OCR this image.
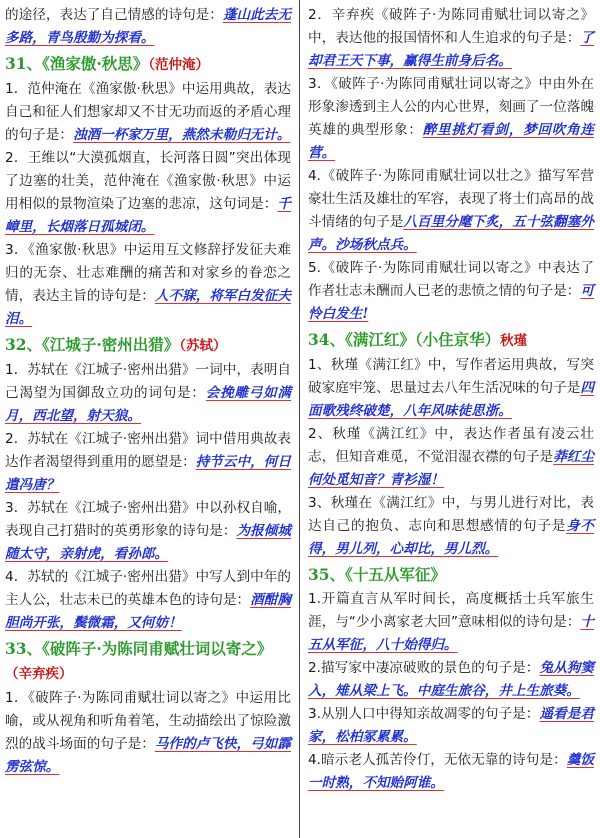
的途径，表达了自己情感的诗句是：蓬山此去无多路，青鸟殷勤为探看。

31、《渔家傲·秋思》（范仲淹）

1．范仲淹在《渔家傲·秋思》中运用典故，表达自己和征人们想家却又不甘无功而返的矛盾心理的句子是：浊酒一杯家万里，燕然未勒归无计。

2．王维以“大漠孤烟直，长河落日圆”突出体现了边塞的壮美，范仲淹在《渔家傲·秋思》中运用相似的景物渲染了边塞的悲凉，这句词是：千嶂里，长烟落日孤城闭。

3．《渔家傲·秋思》中运用互文修辞抒发征夫难归的无奈、壮志难酬的痛苦和对家乡的眷恋之情，表达主旨的诗句是：人不寐，将军白发征夫泪。

32、《江城子·密州出猎》（苏轼）

1．苏轼在《江城子·密州出猎》一词中，表明自己渴望为国御敌立功的词句是：会挽雕弓如满月，西北望，射天狼。

2．苏轼在《江城子·密州出猎》词中借用典故表达作者渴望得到重用的愿望是：持节云中，何日遣冯唐？

3．苏轼在《江城子·密州出猎》中以孙权自喻，表现自己打猎时的英勇形象的诗句是：为报倾城随太守，亲射虎，看孙郎。

4．苏轼的《江城子·密州出猎》中写人到中年的主人公，壮志未已的英雄本色的诗句是：酒酣胸胆尚开张，鬓微霜，又何妨！

33、《破阵子·为陈同甫赋壮词以寄之》
（辛弃疾）

1．《破阵子·为陈同甫赋壮词以寄之》中运用比喻，或从视角和听角着笔，生动描绘出了惊险激烈的战斗场面的句子是：马作的卢飞快，弓如霹雳弦惊。

2．辛弃疾《破阵子·为陈同甫赋壮词以寄之》中，表达他的报国情怀和人生追求的句子是：了却君王天下事，赢得生前身后名。

3．《破阵子·为陈同甫赋壮词以寄之》中由外在形象渗透到主人公的内心世界，刻画了一位落魄英雄的典型形象：醉里挑灯看剑，梦回吹角连营。

4.《破阵子·为陈同甫赋壮词以壮之》描写军营豪壮生活及雄壮的军容，表现了将士们高昂的战斗情绪的句子是八百里分麾下炙，五十弦翻塞外声。沙场秋点兵。

5.《破阵子·为陈同甫赋壮词以寄之》中表达了作者壮志未酬而人已老的悲愤之情的句子是：可怜白发生!

34、《满江红》（小住京华）秋瑾

1、秋瑾《满江红》中，写作者运用典故，写突破家庭牢笼、思量过去八年生活况味的句子是四面歌残终破楚，八年风味徒思浙。

2、秋瑾《满江红》中，表达作者虽有凌云壮志，但知音难觅，不觉泪湿衣襟的句子是莽红尘何处觅知音？青衫湿！

3、秋瑾在《满江红》中，与男儿进行对比，表达自己的抱负、志向和思想感情的句子是身不得，男儿列，心却比，男儿烈。

35、《十五从军征》

1.开篇直言从军时间长，高度概括士兵军旅生涯，与“少小离家老大回”意味相似的诗句是：十五从军征，八十始得归。

2.描写家中凄凉破败的景色的句子是：兔从狗窦入，雉从梁上飞。中庭生旅谷，井上生旅葵。

3.从别人口中得知亲故凋零的句子是：遥看是君家，松柏冢累累。

4.暗示老人孤苦伶仃，无依无靠的诗句是：羹饭一时熟，不知贻阿谁。
